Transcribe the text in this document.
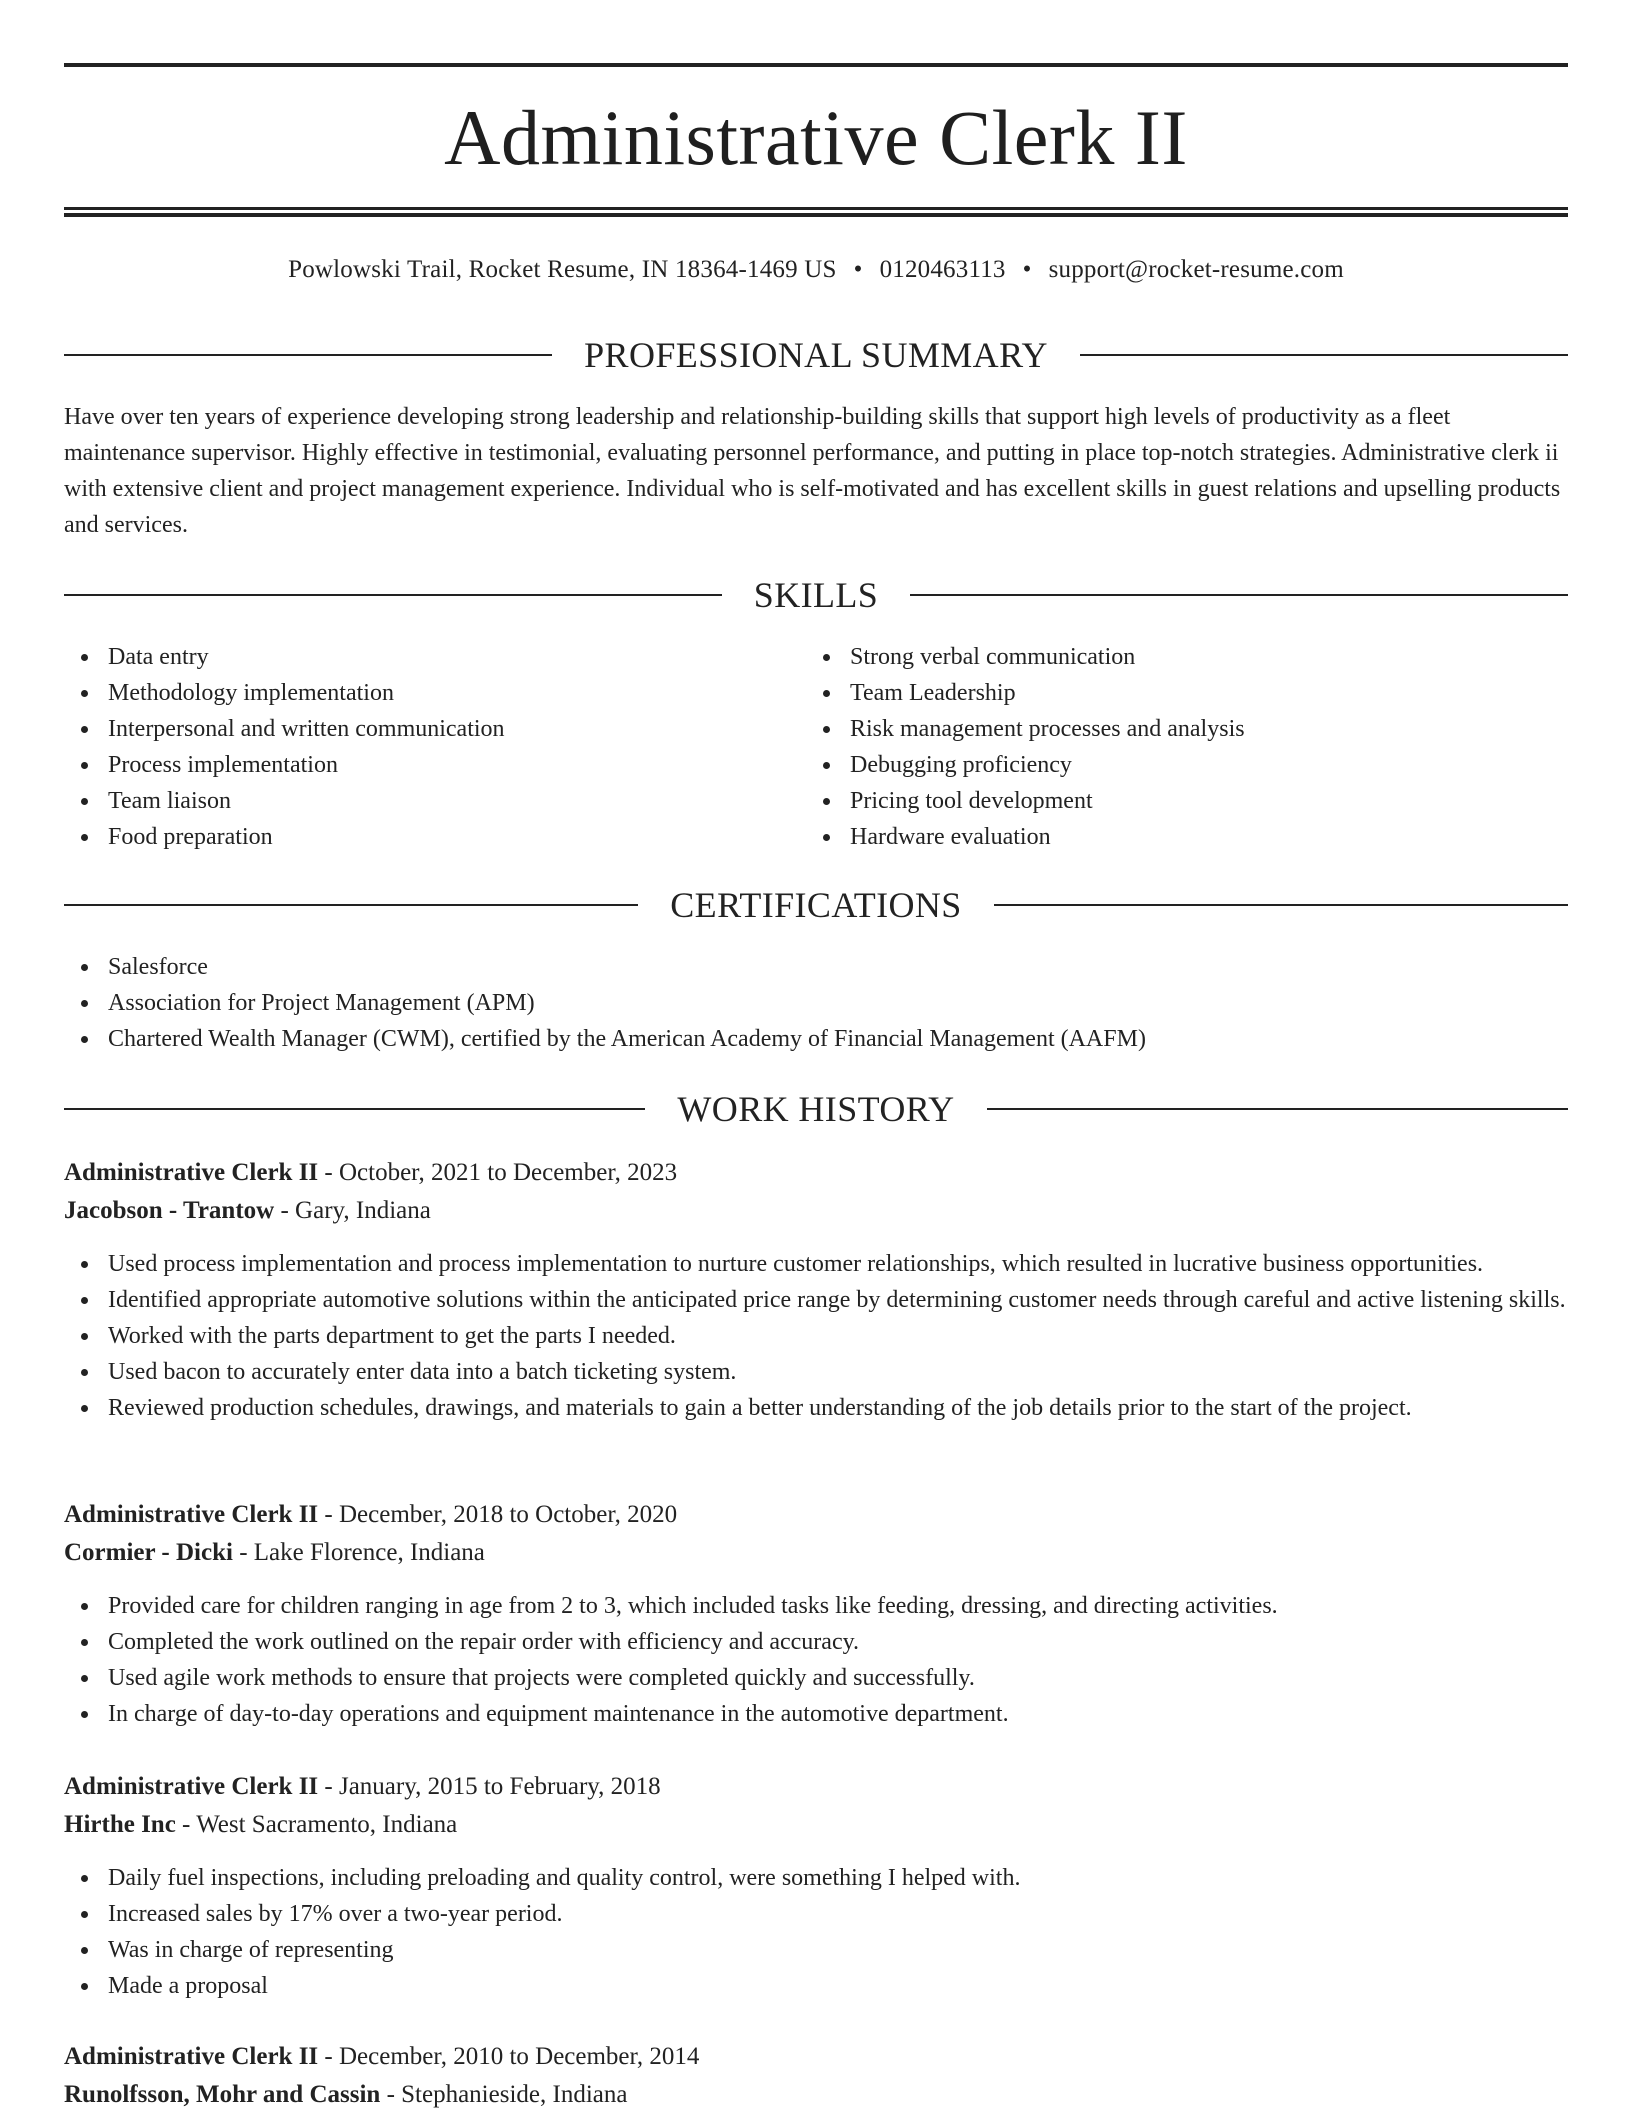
Administrative Clerk II
Powlowski Trail, Rocket Resume, IN 18364-1469 US • 0120463113 • support@rocket-resume.com
PROFESSIONAL SUMMARY

Have over ten years of experience developing strong leadership and relationship-building skills that support high levels of productivity as a fleet maintenance supervisor. Highly effective in testimonial, evaluating personnel performance, and putting in place top-notch strategies. Administrative clerk ii with extensive client and project management experience. Individual who is self-motivated and has excellent skills in guest relations and upselling products and services.

SKILLS
Data entry
Methodology implementation
Interpersonal and written communication
Process implementation
Team liaison
Food preparation
Strong verbal communication
Team Leadership
Risk management processes and analysis
Debugging proficiency
Pricing tool development
Hardware evaluation
CERTIFICATIONS
Salesforce
Association for Project Management (APM)
Chartered Wealth Manager (CWM), certified by the American Academy of Financial Management (AAFM)
WORK HISTORY
Administrative Clerk II - October, 2021 to December, 2023
Jacobson - Trantow - Gary, Indiana
Used process implementation and process implementation to nurture customer relationships, which resulted in lucrative business opportunities.
Identified appropriate automotive solutions within the anticipated price range by determining customer needs through careful and active listening skills.
Worked with the parts department to get the parts I needed.
Used bacon to accurately enter data into a batch ticketing system.
Reviewed production schedules, drawings, and materials to gain a better understanding of the job details prior to the start of the project.
Administrative Clerk II - December, 2018 to October, 2020
Cormier - Dicki - Lake Florence, Indiana
Provided care for children ranging in age from 2 to 3, which included tasks like feeding, dressing, and directing activities.
Completed the work outlined on the repair order with efficiency and accuracy.
Used agile work methods to ensure that projects were completed quickly and successfully.
In charge of day-to-day operations and equipment maintenance in the automotive department.
Administrative Clerk II - January, 2015 to February, 2018
Hirthe Inc - West Sacramento, Indiana
Daily fuel inspections, including preloading and quality control, were something I helped with.
Increased sales by 17% over a two-year period.
Was in charge of representing
Made a proposal
Administrative Clerk II - December, 2010 to December, 2014
Runolfsson, Mohr and Cassin - Stephanieside, Indiana
